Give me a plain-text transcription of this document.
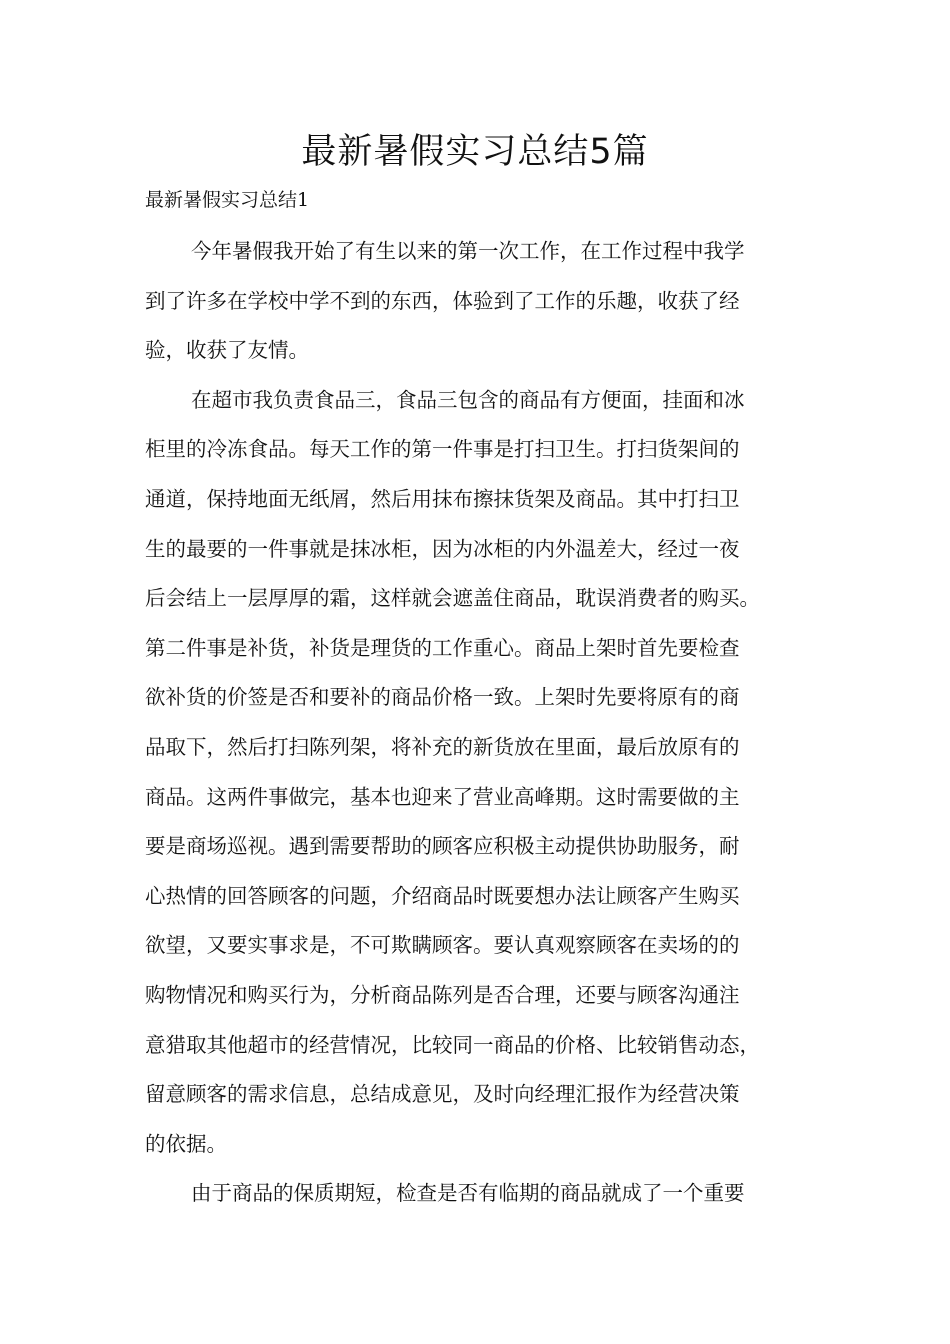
最新暑假实习总结5篇

最新暑假实习总结1

今年暑假我开始了有生以来的第一次工作，在工作过程中我学
到了许多在学校中学不到的东西，体验到了工作的乐趣，收获了经
验，收获了友情。
在超市我负责食品三，食品三包含的商品有方便面，挂面和冰
柜里的冷冻食品。每天工作的第一件事是打扫卫生。打扫货架间的
通道，保持地面无纸屑，然后用抹布擦抹货架及商品。其中打扫卫
生的最要的一件事就是抹冰柜，因为冰柜的内外温差大，经过一夜
后会结上一层厚厚的霜，这样就会遮盖住商品，耽误消费者的购买。
第二件事是补货，补货是理货的工作重心。商品上架时首先要检查
欲补货的价签是否和要补的商品价格一致。上架时先要将原有的商
品取下，然后打扫陈列架，将补充的新货放在里面，最后放原有的
商品。这两件事做完，基本也迎来了营业高峰期。这时需要做的主
要是商场巡视。遇到需要帮助的顾客应积极主动提供协助服务，耐
心热情的回答顾客的问题，介绍商品时既要想办法让顾客产生购买
欲望，又要实事求是，不可欺瞒顾客。要认真观察顾客在卖场的的
购物情况和购买行为，分析商品陈列是否合理，还要与顾客沟通注
意猎取其他超市的经营情况，比较同一商品的价格、比较销售动态，
留意顾客的需求信息，总结成意见，及时向经理汇报作为经营决策
的依据。
由于商品的保质期短，检查是否有临期的商品就成了一个重要
